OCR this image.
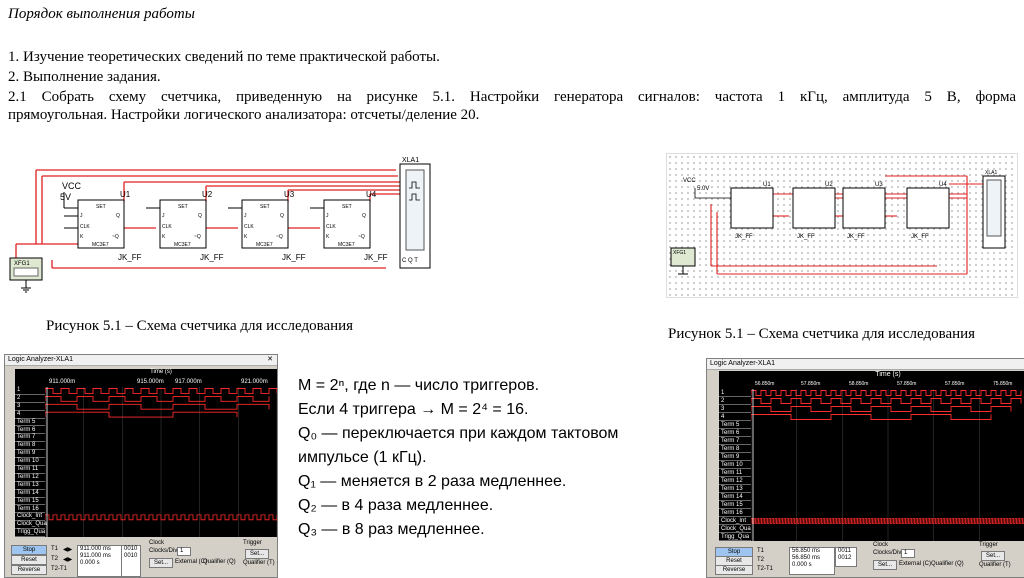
Порядок выполнения работы
1. Изучение теоретических сведений по теме практической работы.
2. Выполнение задания.
2.1 Собрать схему счетчика, приведенную на рисунке 5.1. Настройки генератора сигналов: частота 1 кГц, амплитуда 5 В, форма
прямоугольная. Настройки логического анализатора: отсчеты/деление 20.
VCC
5V	U1
SET
J
CLK
K
Q
~Q
MC3E7
JK_FF
U2
SET
J
CLK
K
Q
~Q
MC3E7
JK_FF
U3
SET
J
CLK
K
Q
~Q
MC3E7
JK_FF
U4
SET
J
CLK
K
Q
~Q
MC3E7
JK_FF
XLA1
C Q T
XFG1
VCC
5.0V
U1
JK_FF
U2
JK_FF
U3
JK_FF
U4
JK_FF
XLA1
XFG1
Рисунок 5.1 – Схема счетчика для исследования	Рисунок 5.1 – Схема счетчика для исследования
Logic Analyzer-XLA1	✕
1
2
3
4
Term 5
Term 6
Term 7
Term 8
Term 9
Term 10
Term 11
Term 12
Term 13
Term 14
Term 15
Term 16
Clock_Int
Clock_Qua
Trigg_Qua
Time (s)
911.000m	915.000m 917.000m	921.000m
Stop
Reset
Reverse
T1
T2
T2-T1
◀▶
◀▶
911.000 ms
911.000 ms
0.000 s
0010
0010
Clock
Clocks/Div 1
Set...	External (C)
Qualifier (Q)
Trigger
Set...
Qualifier (T)
M = 2ⁿ, где n — число триггеров.
Если 4 триггера → M = 2⁴ = 16.
Q₀ — переключается при каждом тактовом
импульсе (1 кГц).
Q₁ — меняется в 2 раза медленнее.
Q₂ — в 4 раза медленнее.
Q₃ — в 8 раз медленнее.
Logic Analyzer-XLA1
1
2
3
4
Term 5
Term 6
Term 7
Term 8
Term 9
Term 10
Term 11
Term 12
Term 13
Term 14
Term 15
Term 16
Clock_Int
Clock_Qua
Trigg_Qua
Time (s)
56.850m	57.850m	58.850m	57.850m	57.850m	75.850m
Stop
Reset
Reverse
T1
T2
T2-T1
56.850 ms
56.850 ms
0.000 s
0011
0012
Clock
Clocks/Div 1
Set...	External (C) Qualifier (Q)
Trigger
Set...
Qualifier (T)
